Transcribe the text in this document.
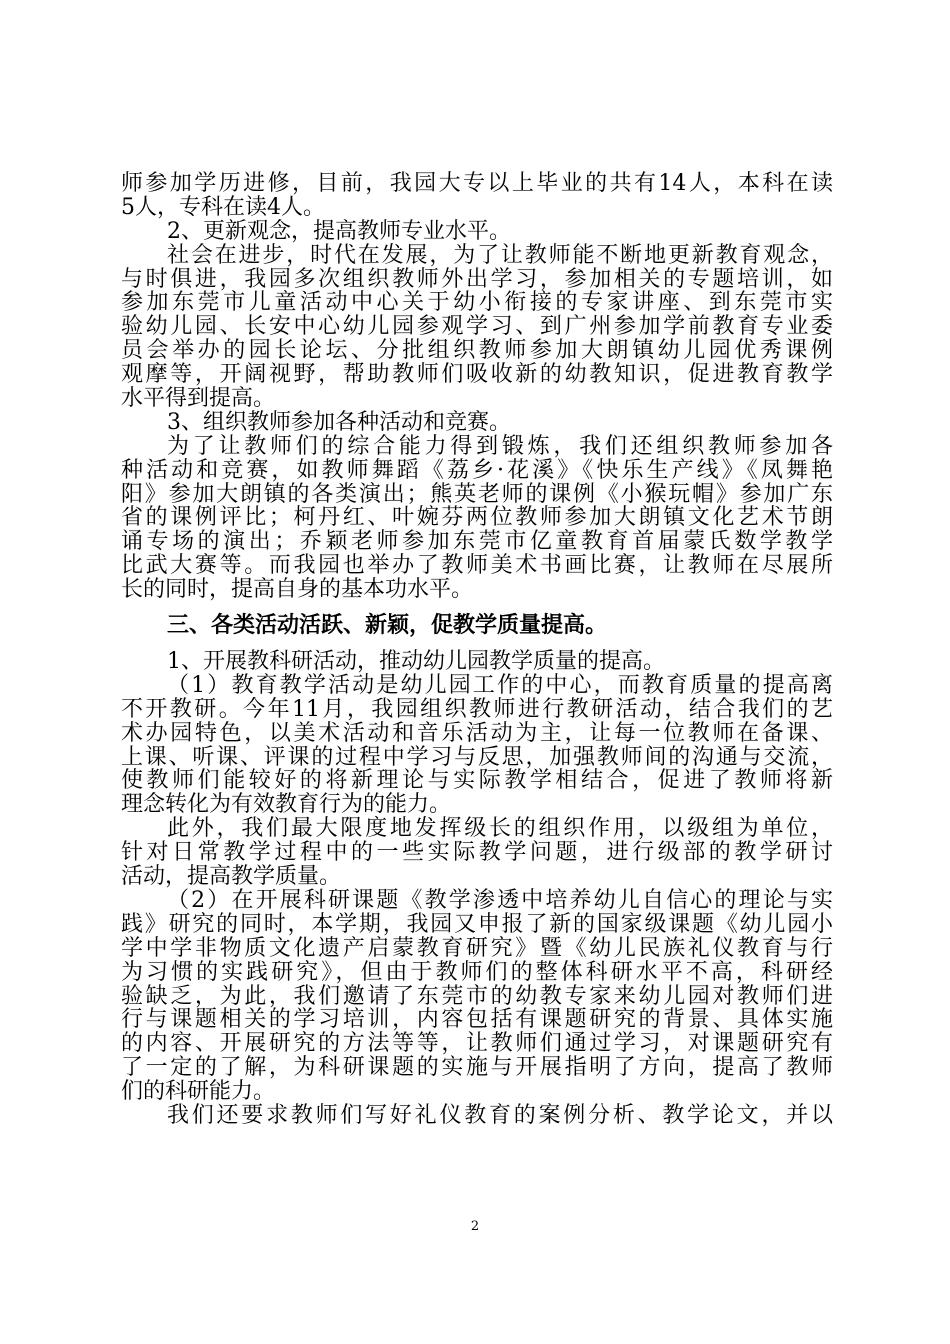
师参加学历进修，目前，我园大专以上毕业的共有14人，本科在读
5人，专科在读4人。
2、更新观念，提高教师专业水平。
社会在进步，时代在发展，为了让教师能不断地更新教育观念，
与时俱进，我园多次组织教师外出学习，参加相关的专题培训，如
参加东莞市儿童活动中心关于幼小衔接的专家讲座、到东莞市实
验幼儿园、长安中心幼儿园参观学习、到广州参加学前教育专业委
员会举办的园长论坛、分批组织教师参加大朗镇幼儿园优秀课例
观摩等，开阔视野，帮助教师们吸收新的幼教知识，促进教育教学
水平得到提高。
3、组织教师参加各种活动和竞赛。
为了让教师们的综合能力得到锻炼，我们还组织教师参加各
种活动和竞赛，如教师舞蹈《荔乡·花溪》《快乐生产线》《凤舞艳
阳》参加大朗镇的各类演出；熊英老师的课例《小猴玩帽》参加广东
省的课例评比；柯丹红、叶婉芬两位教师参加大朗镇文化艺术节朗
诵专场的演出；乔颖老师参加东莞市亿童教育首届蒙氏数学教学
比武大赛等。而我园也举办了教师美术书画比赛，让教师在尽展所
长的同时，提高自身的基本功水平。
三、各类活动活跃、新颖，促教学质量提高。
1、开展教科研活动，推动幼儿园教学质量的提高。
（1）教育教学活动是幼儿园工作的中心，而教育质量的提高离
不开教研。今年11月，我园组织教师进行教研活动，结合我们的艺
术办园特色，以美术活动和音乐活动为主，让每一位教师在备课、
上课、听课、评课的过程中学习与反思，加强教师间的沟通与交流，
使教师们能较好的将新理论与实际教学相结合，促进了教师将新
理念转化为有效教育行为的能力。
此外，我们最大限度地发挥级长的组织作用，以级组为单位，
针对日常教学过程中的一些实际教学问题，进行级部的教学研讨
活动，提高教学质量。
（2）在开展科研课题《教学渗透中培养幼儿自信心的理论与实
践》研究的同时，本学期，我园又申报了新的国家级课题《幼儿园小
学中学非物质文化遗产启蒙教育研究》暨《幼儿民族礼仪教育与行
为习惯的实践研究》，但由于教师们的整体科研水平不高，科研经
验缺乏，为此，我们邀请了东莞市的幼教专家来幼儿园对教师们进
行与课题相关的学习培训，内容包括有课题研究的背景、具体实施
的内容、开展研究的方法等等，让教师们通过学习，对课题研究有
了一定的了解，为科研课题的实施与开展指明了方向，提高了教师
们的科研能力。
我们还要求教师们写好礼仪教育的案例分析、教学论文，并以
2
